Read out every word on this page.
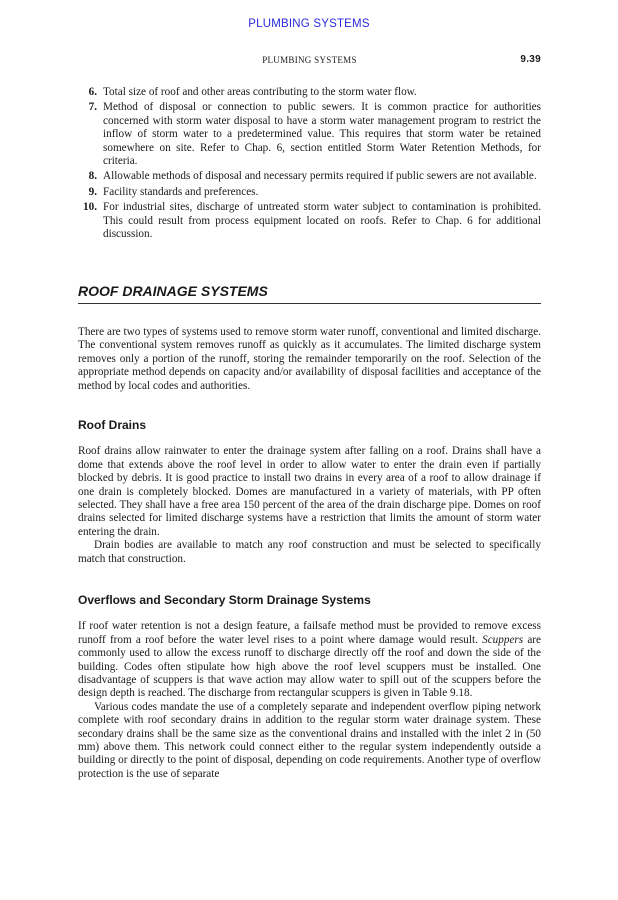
PLUMBING SYSTEMS
PLUMBING SYSTEMS	9.39
6. Total size of roof and other areas contributing to the storm water flow.
7. Method of disposal or connection to public sewers. It is common practice for authorities concerned with storm water disposal to have a storm water management program to restrict the inflow of storm water to a predetermined value. This requires that storm water be retained somewhere on site. Refer to Chap. 6, section entitled Storm Water Retention Methods, for criteria.
8. Allowable methods of disposal and necessary permits required if public sewers are not available.
9. Facility standards and preferences.
10. For industrial sites, discharge of untreated storm water subject to contamination is prohibited. This could result from process equipment located on roofs. Refer to Chap. 6 for additional discussion.
ROOF DRAINAGE SYSTEMS

There are two types of systems used to remove storm water runoff, conventional and limited discharge. The conventional system removes runoff as quickly as it accumulates. The limited discharge system removes only a portion of the runoff, storing the remainder temporarily on the roof. Selection of the appropriate method depends on capacity and/or availability of disposal facilities and acceptance of the method by local codes and authorities.

Roof Drains

Roof drains allow rainwater to enter the drainage system after falling on a roof. Drains shall have a dome that extends above the roof level in order to allow water to enter the drain even if partially blocked by debris. It is good practice to install two drains in every area of a roof to allow drainage if one drain is completely blocked. Domes are manufactured in a variety of materials, with PP often selected. They shall have a free area 150 percent of the area of the drain discharge pipe. Domes on roof drains selected for limited discharge systems have a restriction that limits the amount of storm water entering the drain.

Drain bodies are available to match any roof construction and must be selected to specifically match that construction.

Overflows and Secondary Storm Drainage Systems

If roof water retention is not a design feature, a failsafe method must be provided to remove excess runoff from a roof before the water level rises to a point where damage would result. Scuppers are commonly used to allow the excess runoff to discharge directly off the roof and down the side of the building. Codes often stipulate how high above the roof level scuppers must be installed. One disadvantage of scuppers is that wave action may allow water to spill out of the scuppers before the design depth is reached. The discharge from rectangular scuppers is given in Table 9.18.

Various codes mandate the use of a completely separate and independent overflow piping network complete with roof secondary drains in addition to the regular storm water drainage system. These secondary drains shall be the same size as the conventional drains and installed with the inlet 2 in (50 mm) above them. This network could connect either to the regular system independently outside a building or directly to the point of disposal, depending on code requirements. Another type of overflow protection is the use of separate
